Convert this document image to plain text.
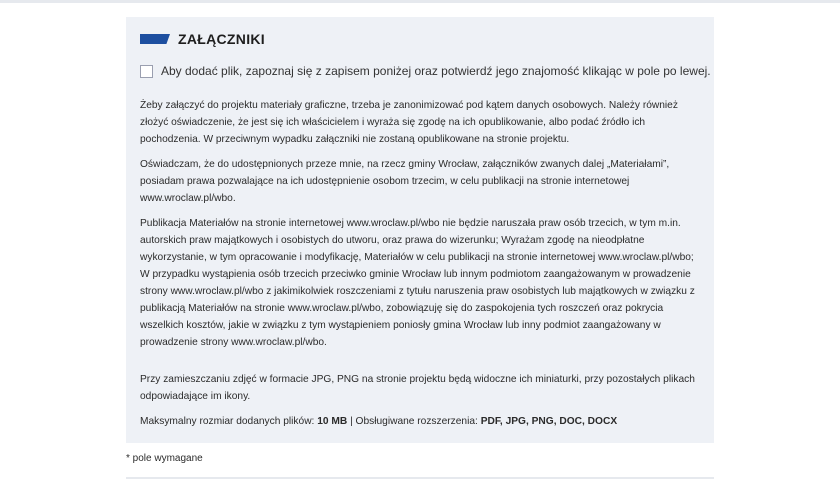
ZAŁĄCZNIKI
Aby dodać plik, zapoznaj się z zapisem poniżej oraz potwierdź jego znajomość klikając w pole po lewej.

Żeby załączyć do projektu materiały graficzne, trzeba je zanonimizować pod kątem danych osobowych. Należy również złożyć oświadczenie, że jest się ich właścicielem i wyraża się zgodę na ich opublikowanie, albo podać źródło ich pochodzenia. W przeciwnym wypadku załączniki nie zostaną opublikowane na stronie projektu.

Oświadczam, że do udostępnionych przeze mnie, na rzecz gminy Wrocław, załączników zwanych dalej „Materiałami”, posiadam prawa pozwalające na ich udostępnienie osobom trzecim, w celu publikacji na stronie internetowej www.wroclaw.pl/wbo.

Publikacja Materiałów na stronie internetowej www.wroclaw.pl/wbo nie będzie naruszała praw osób trzecich, w tym m.in. autorskich praw majątkowych i osobistych do utworu, oraz prawa do wizerunku; Wyrażam zgodę na nieodpłatne wykorzystanie, w tym opracowanie i modyfikację, Materiałów w celu publikacji na stronie internetowej www.wroclaw.pl/wbo; W przypadku wystąpienia osób trzecich przeciwko gminie Wrocław lub innym podmiotom zaangażowanym w prowadzenie strony www.wroclaw.pl/wbo z jakimikolwiek roszczeniami z tytułu naruszenia praw osobistych lub majątkowych w związku z publikacją Materiałów na stronie www.wroclaw.pl/wbo, zobowiązuję się do zaspokojenia tych roszczeń oraz pokrycia wszelkich kosztów, jakie w związku z tym wystąpieniem poniosły gmina Wrocław lub inny podmiot zaangażowany w prowadzenie strony www.wroclaw.pl/wbo.

Przy zamieszczaniu zdjęć w formacie JPG, PNG na stronie projektu będą widoczne ich miniaturki, przy pozostałych plikach odpowiadające im ikony.

Maksymalny rozmiar dodanych plików: 10 MB | Obsługiwane rozszerzenia: PDF, JPG, PNG, DOC, DOCX

* pole wymagane
